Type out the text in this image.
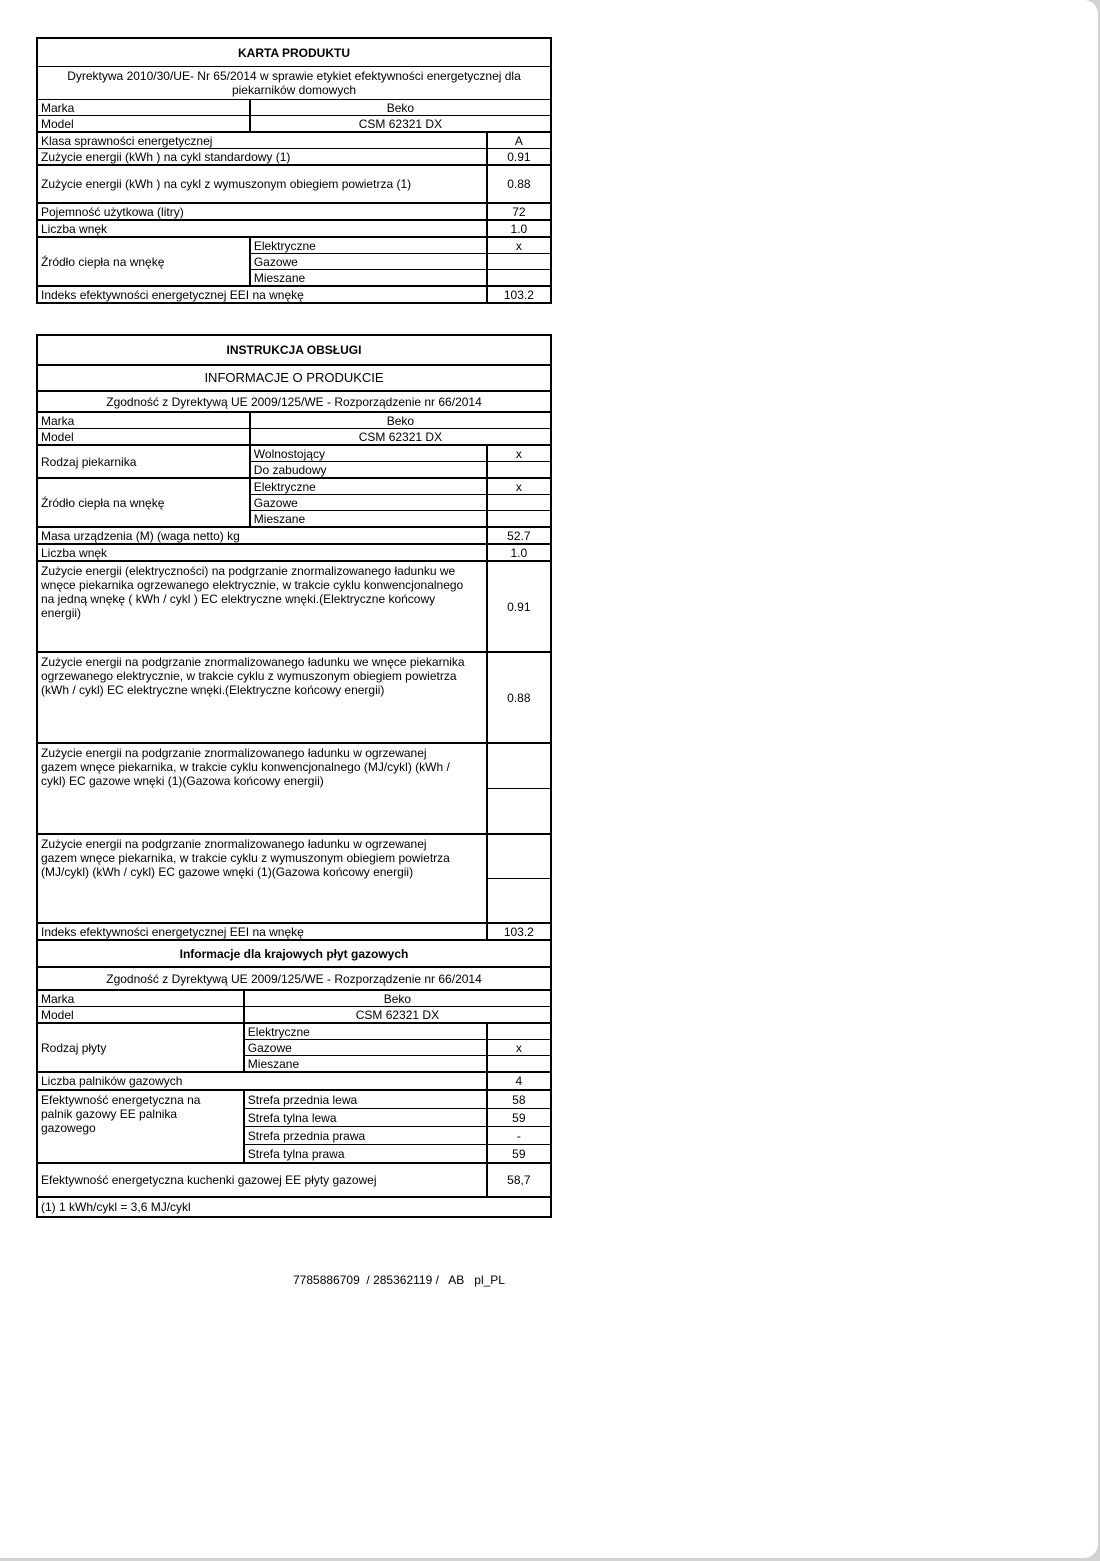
KARTA PRODUKTU		
Dyrektywa 2010/30/UE- Nr 65/2014 w sprawie etykiet efektywności energetycznej dla piekarników domowych		
Marka	Beko	
Model	CSM 62321 DX	
Klasa sprawności energetycznej		A
Zużycie energii (kWh ) na cykl standardowy (1)		0.91
Zużycie energii (kWh ) na cykl z wymuszonym obiegiem powietrza (1)		0.88
Pojemność użytkowa (litry)		72
Liczba wnęk		1.0
Źródło ciepła na wnękę	Elektryczne	x
	Gazowe	
	Mieszane	
Indeks efektywności energetycznej EEI na wnękę		103.2
INSTRUKCJA OBSŁUGI			
INFORMACJE O PRODUKCIE			
Zgodność z Dyrektywą UE 2009/125/WE - Rozporządzenie nr 66/2014			
Marka		Beko	
Model		CSM 62321 DX	
Rodzaj piekarnika		Wolnostojący	x
		Do zabudowy	
Źródło ciepła na wnękę		Elektryczne	x
		Gazowe	
		Mieszane	
Masa urządzenia (M) (waga netto) kg			52.7
Liczba wnęk			1.0
Zużycie energii (elektryczności) na podgrzanie znormalizowanego ładunku we wnęce piekarnika ogrzewanego elektrycznie, w trakcie cyklu konwencjonalnego na jedną wnękę ( kWh / cykl ) EC elektryczne wnęki.(Elektryczne końcowy energii)			0.91
Zużycie energii na podgrzanie znormalizowanego ładunku we wnęce piekarnika ogrzewanego elektrycznie, w trakcie cyklu z wymuszonym obiegiem powietrza (kWh / cykl) EC elektryczne wnęki.(Elektryczne końcowy energii)			0.88
Zużycie energii na podgrzanie znormalizowanego ładunku w ogrzewanej gazem wnęce piekarnika, w trakcie cyklu konwencjonalnego (MJ/cykl) (kWh / cykl) EC gazowe wnęki (1)(Gazowa końcowy energii)			

Zużycie energii na podgrzanie znormalizowanego ładunku w ogrzewanej gazem wnęce piekarnika, w trakcie cyklu z wymuszonym obiegiem powietrza (MJ/cykl) (kWh / cykl) EC gazowe wnęki (1)(Gazowa końcowy energii)			

Indeks efektywności energetycznej EEI na wnękę			103.2
Informacje dla krajowych płyt gazowych			
Zgodność z Dyrektywą UE 2009/125/WE - Rozporządzenie nr 66/2014			
Marka	Beko		
Model	CSM 62321 DX		
Rodzaj płyty	Elektryczne		
	Gazowe		x
	Mieszane		
Liczba palników gazowych			4
Efektywność energetyczna na palnik gazowy EE palnika gazowego	Strefa przednia lewa		58
	Strefa tylna lewa		59
	Strefa przednia prawa		-
	Strefa tylna prawa		59
Efektywność energetyczna kuchenki gazowej EE płyty gazowej			58,7
(1) 1 kWh/cykl = 3,6 MJ/cykl			
7785886709  / 285362119 /   AB   pl_PL
